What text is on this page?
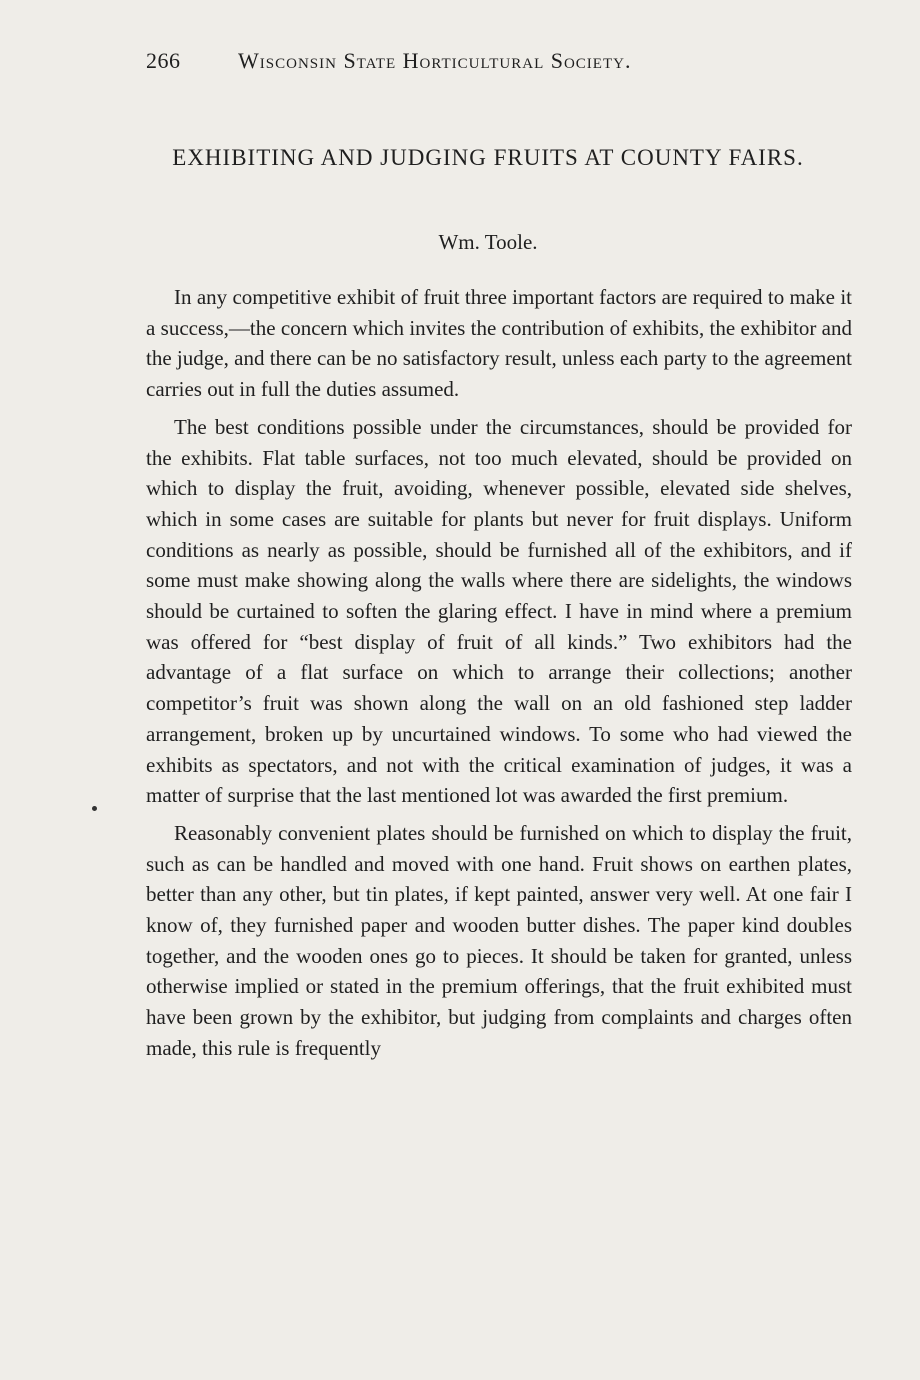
266	Wisconsin State Horticultural Society.
EXHIBITING AND JUDGING FRUITS AT COUNTY FAIRS.
Wm. Toole.

In any competitive exhibit of fruit three important factors are required to make it a success,—the concern which invites the contribution of exhibits, the exhibitor and the judge, and there can be no satisfactory result, unless each party to the agreement carries out in full the duties assumed.

The best conditions possible under the circumstances, should be provided for the exhibits. Flat table surfaces, not too much elevated, should be provided on which to display the fruit, avoiding, whenever possible, elevated side shelves, which in some cases are suitable for plants but never for fruit displays. Uniform conditions as nearly as possible, should be furnished all of the exhibitors, and if some must make showing along the walls where there are sidelights, the windows should be curtained to soften the glaring effect. I have in mind where a premium was offered for “best display of fruit of all kinds.” Two exhibitors had the advantage of a flat surface on which to arrange their collections; another competitor’s fruit was shown along the wall on an old fashioned step ladder arrangement, broken up by uncurtained windows. To some who had viewed the exhibits as spectators, and not with the critical examination of judges, it was a matter of surprise that the last mentioned lot was awarded the first premium.

Reasonably convenient plates should be furnished on which to display the fruit, such as can be handled and moved with one hand. Fruit shows on earthen plates, better than any other, but tin plates, if kept painted, answer very well. At one fair I know of, they furnished paper and wooden butter dishes. The paper kind doubles together, and the wooden ones go to pieces. It should be taken for granted, unless otherwise implied or stated in the premium offerings, that the fruit exhibited must have been grown by the exhibitor, but judging from complaints and charges often made, this rule is frequently
